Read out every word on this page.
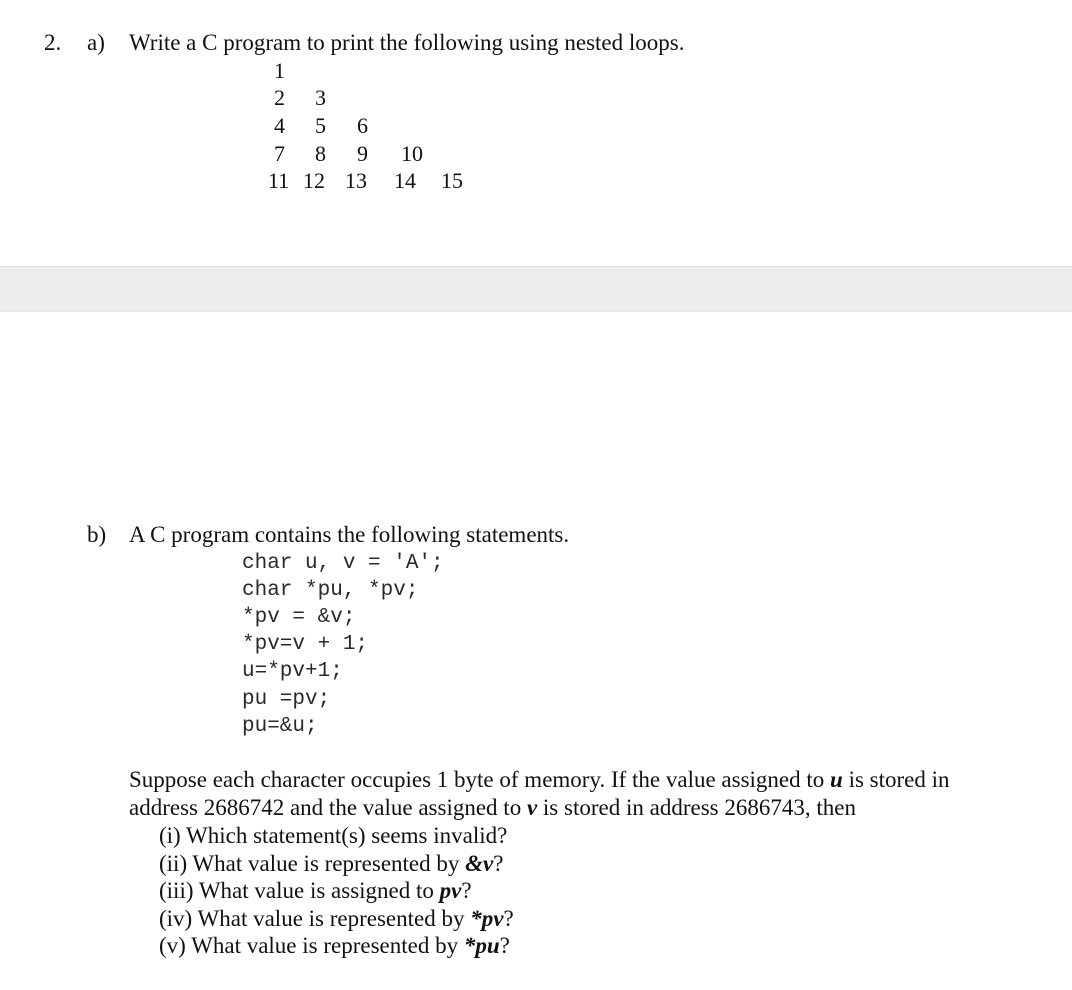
2. a) Write a C program to print the following using nested loops.
1
2 3
4 5 6
7 8 9 10
11 12 13 14 15
b) A C program contains the following statements.
char u, v = 'A';
char *pu, *pv;
*pv = &v;
*pv=v + 1;
u=*pv+1;
pu =pv;
pu=&u;
Suppose each character occupies 1 byte of memory. If the value assigned to u is stored in
address 2686742 and the value assigned to v is stored in address 2686743, then
(i) Which statement(s) seems invalid?
(ii) What value is represented by &v?
(iii) What value is assigned to pv?
(iv) What value is represented by *pv?
(v) What value is represented by *pu?
